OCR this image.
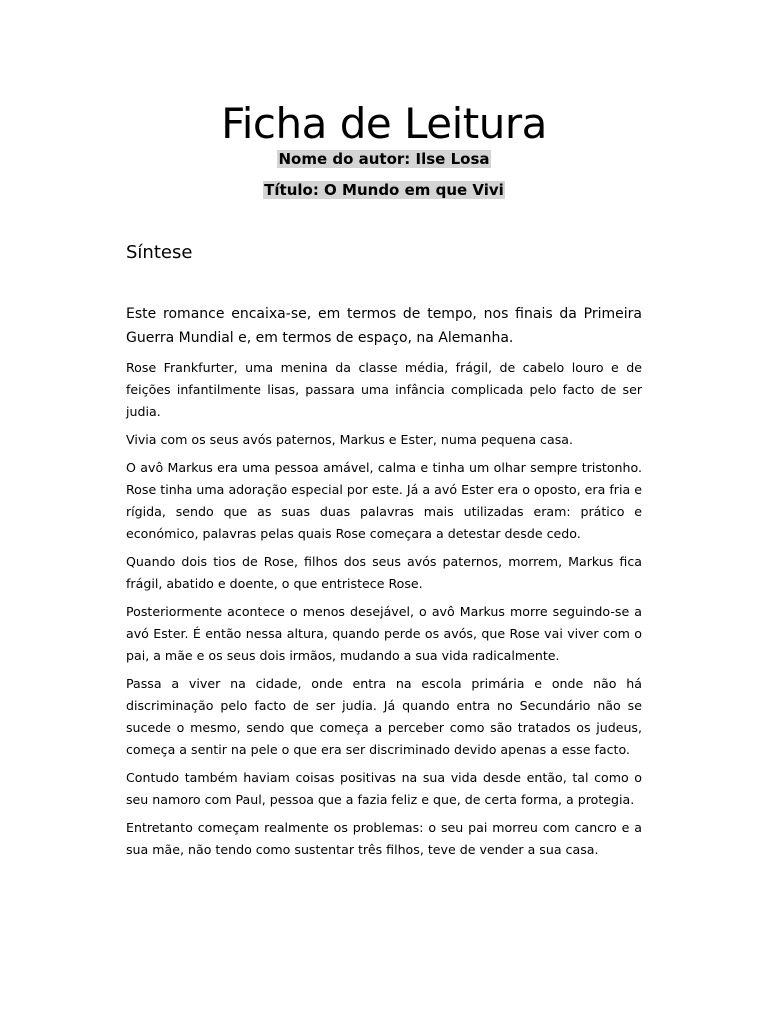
Ficha de Leitura
Nome do autor: Ilse Losa
Título: O Mundo em que Vivi
Síntese
Este romance encaixa-se, em termos de tempo, nos finais da Primeira Guerra Mundial e, em termos de espaço, na Alemanha.

Rose Frankfurter, uma menina da classe média, frágil, de cabelo louro e de feições infantilmente lisas, passara uma infância complicada pelo facto de ser judia.

Vivia com os seus avós paternos, Markus e Ester, numa pequena casa.

O avô Markus era uma pessoa amável, calma e tinha um olhar sempre tristonho. Rose tinha uma adoração especial por este. Já a avó Ester era o oposto, era fria e rígida, sendo que as suas duas palavras mais utilizadas eram: prático e económico, palavras pelas quais Rose começara a detestar desde cedo.

Quando dois tios de Rose, filhos dos seus avós paternos, morrem, Markus fica frágil, abatido e doente, o que entristece Rose.

Posteriormente acontece o menos desejável, o avô Markus morre seguindo-se a avó Ester. É então nessa altura, quando perde os avós, que Rose vai viver com o pai, a mãe e os seus dois irmãos, mudando a sua vida radicalmente.

Passa a viver na cidade, onde entra na escola primária e onde não há discriminação pelo facto de ser judia. Já quando entra no Secundário não se sucede o mesmo, sendo que começa a perceber como são tratados os judeus, começa a sentir na pele o que era ser discriminado devido apenas a esse facto.

Contudo também haviam coisas positivas na sua vida desde então, tal como o seu namoro com Paul, pessoa que a fazia feliz e que, de certa forma, a protegia.

Entretanto começam realmente os problemas: o seu pai morreu com cancro e a sua mãe, não tendo como sustentar três filhos, teve de vender a sua casa.
